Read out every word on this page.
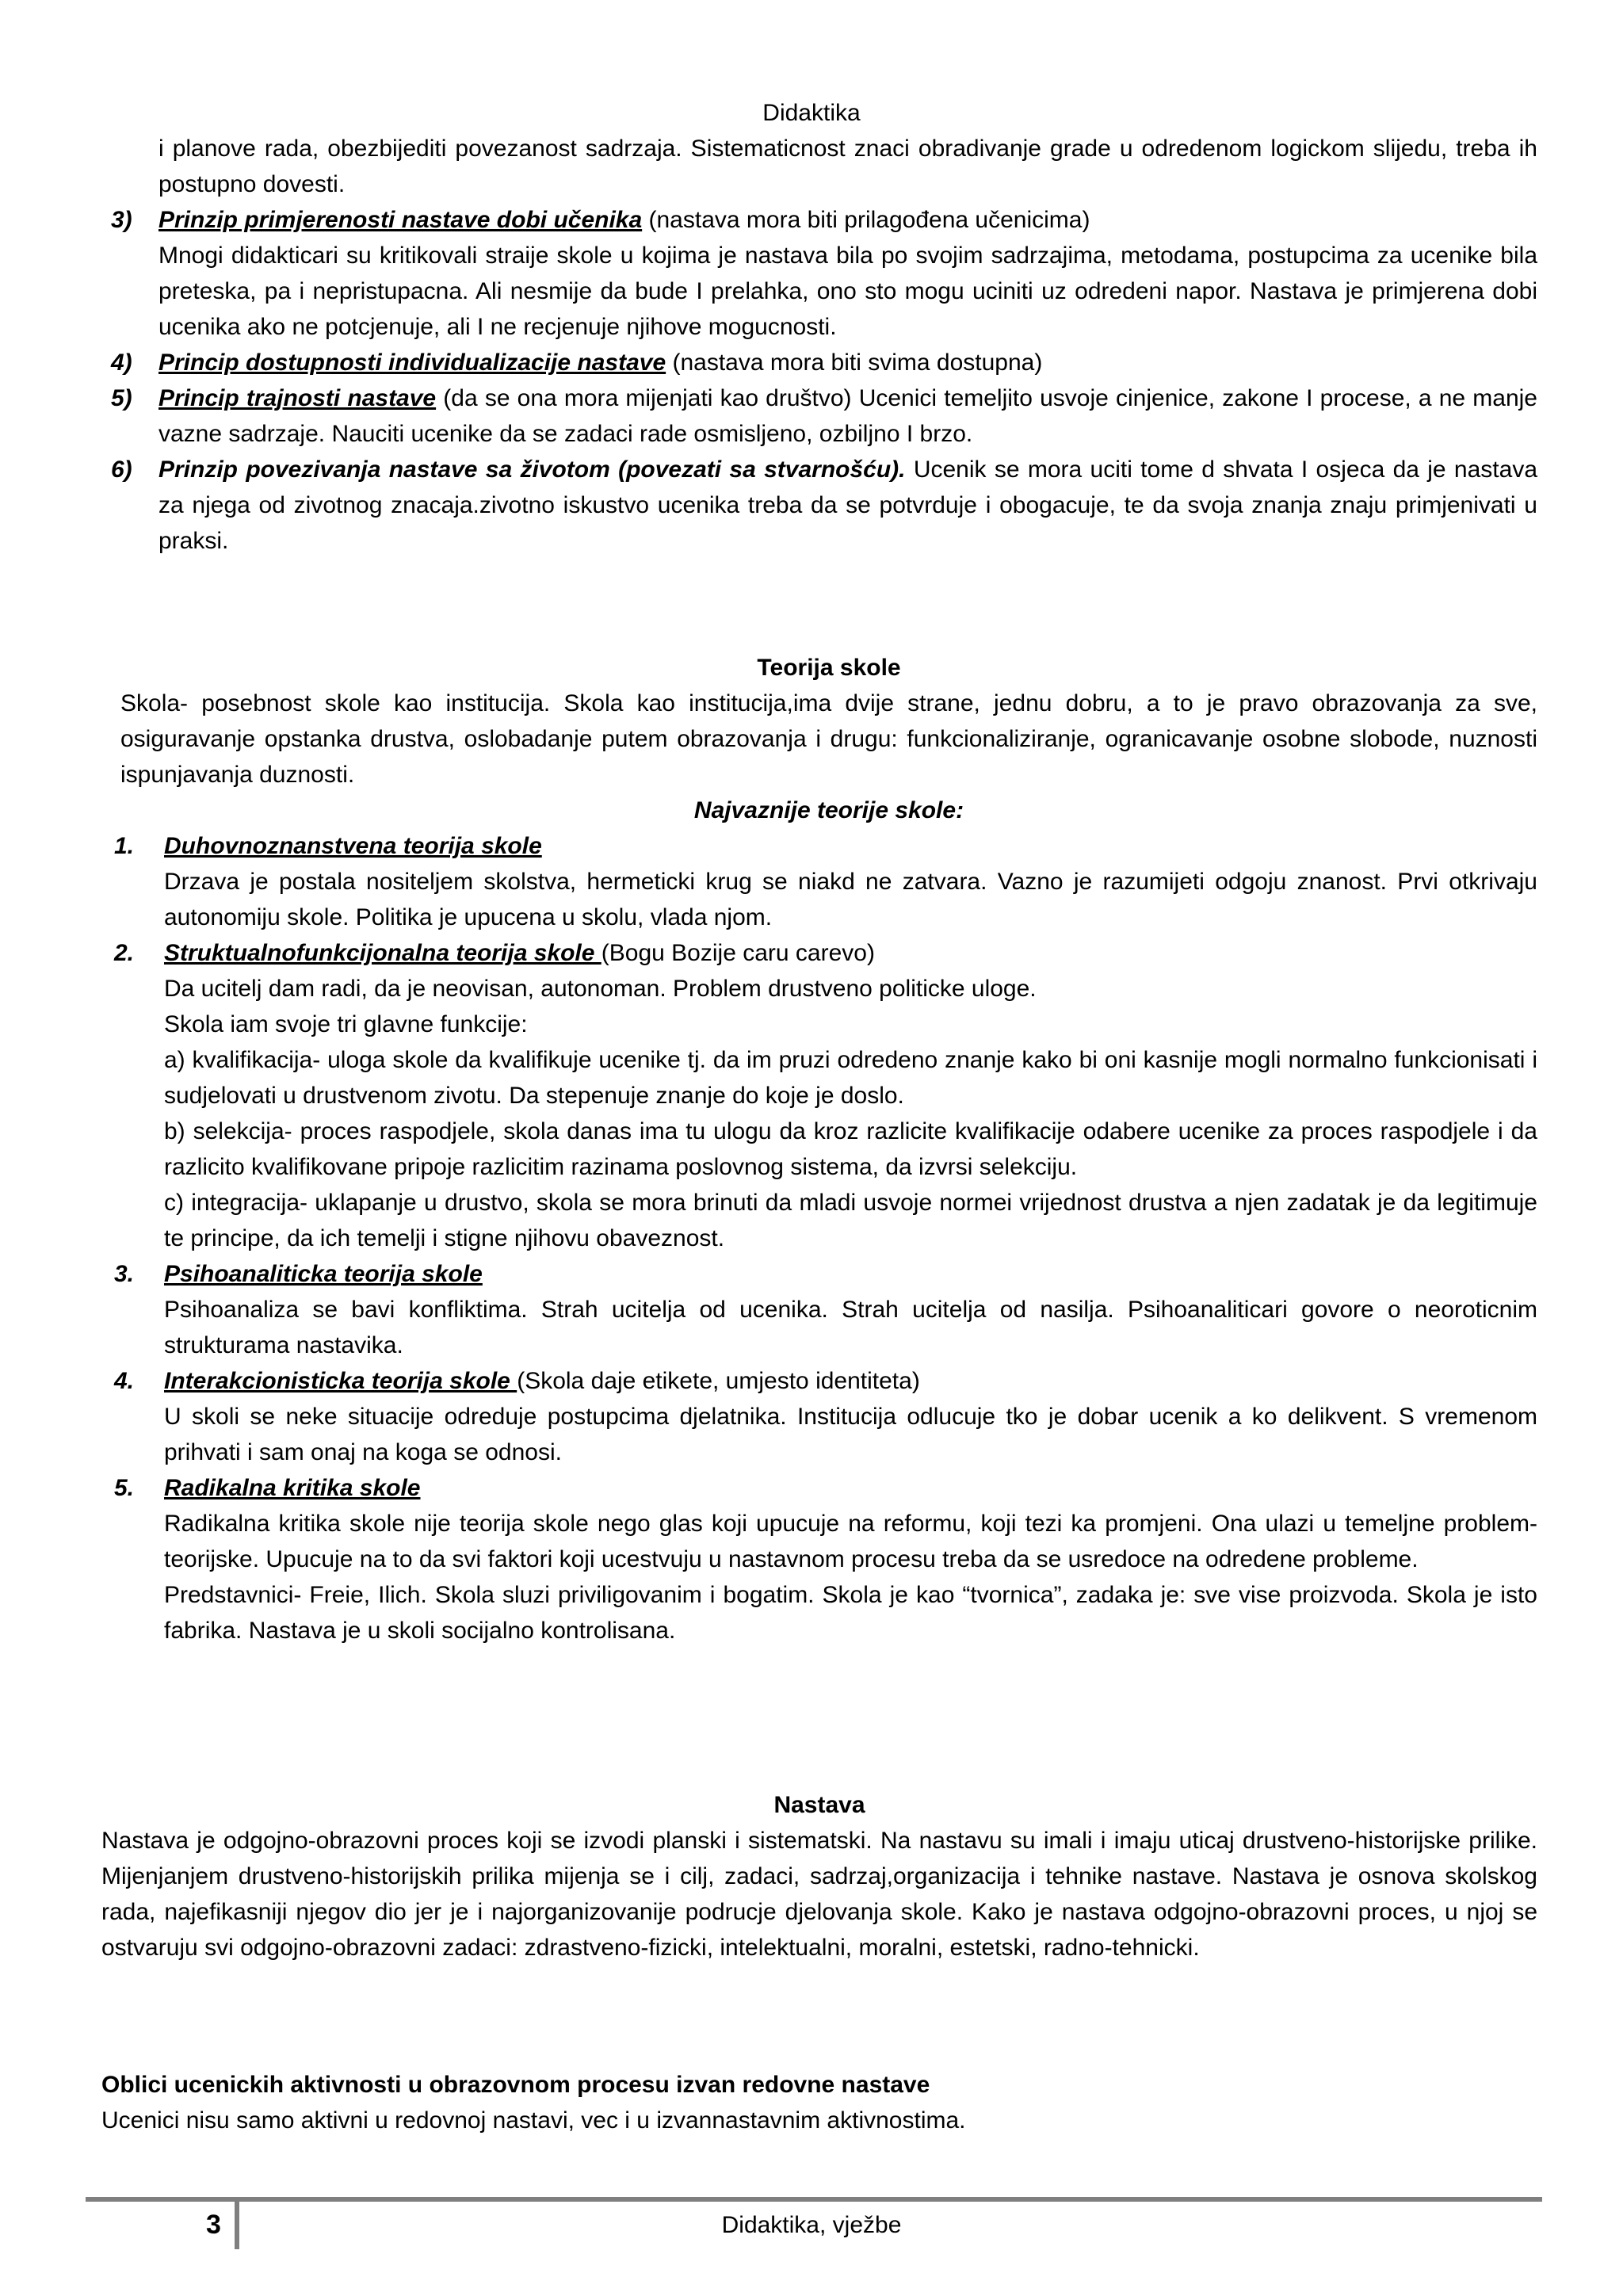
Didaktika

i planove rada, obezbijediti povezanost sadrzaja. Sistematicnost znaci obradivanje grade u odredenom logickom slijedu, treba ih postupno dovesti.

3) Prinzip primjerenosti nastave dobi učenika (nastava mora biti prilagođena učenicima)

Mnogi didakticari su kritikovali straije skole u kojima je nastava bila po svojim sadrzajima, metodama, postupcima za ucenike bila preteska, pa i nepristupacna. Ali nesmije da bude I prelahka, ono sto mogu uciniti uz odredeni napor. Nastava je primjerena dobi ucenika ako ne potcjenuje, ali I ne recjenuje njihove mogucnosti.

4) Princip dostupnosti individualizacije nastave (nastava mora biti svima dostupna)
5) Princip trajnosti nastave (da se ona mora mijenjati kao društvo) Ucenici temeljito usvoje cinjenice, zakone I procese, a ne manje vazne sadrzaje. Nauciti ucenike da se zadaci rade osmisljeno, ozbiljno I brzo.
6) Prinzip povezivanja nastave sa životom (povezati sa stvarnošću). Ucenik se mora uciti tome d shvata I osjeca da je nastava za njega od zivotnog znacaja.zivotno iskustvo ucenika treba da se potvrduje i obogacuje, te da svoja znanja znaju primjenivati u praksi.

Teorija skole

Skola- posebnost skole kao institucija. Skola kao institucija,ima dvije strane, jednu dobru, a to je pravo obrazovanja za sve, osiguravanje opstanka drustva, oslobadanje putem obrazovanja i drugu: funkcionaliziranje, ogranicavanje osobne slobode, nuznosti ispunjavanja duznosti.

Najvaznije teorije skole:

1. Duhovnoznanstvena teorija skole

Drzava je postala nositeljem skolstva, hermeticki krug se niakd ne zatvara. Vazno je razumijeti odgoju znanost. Prvi otkrivaju autonomiju skole. Politika je upucena u skolu, vlada njom.

2. Struktualnofunkcijonalna teorija skole (Bogu Bozije caru carevo)

Da ucitelj dam radi, da je neovisan, autonoman. Problem drustveno politicke uloge.

Skola iam svoje tri glavne funkcije:

a) kvalifikacija- uloga skole da kvalifikuje ucenike tj. da im pruzi odredeno znanje kako bi oni kasnije mogli normalno funkcionisati i sudjelovati u drustvenom zivotu. Da stepenuje znanje do koje je doslo.

b) selekcija- proces raspodjele, skola danas ima tu ulogu da kroz razlicite kvalifikacije odabere ucenike za proces raspodjele i da razlicito kvalifikovane pripoje razlicitim razinama poslovnog sistema, da izvrsi selekciju.

c) integracija- uklapanje u drustvo, skola se mora brinuti da mladi usvoje normei vrijednost drustva a njen zadatak je da legitimuje te principe, da ich temelji i stigne njihovu obaveznost.

3. Psihoanaliticka teorija skole

Psihoanaliza se bavi konfliktima. Strah ucitelja od ucenika. Strah ucitelja od nasilja. Psihoanaliticari govore o neoroticnim strukturama nastavika.

4. Interakcionisticka teorija skole (Skola daje etikete, umjesto identiteta)

U skoli se neke situacije odreduje postupcima djelatnika. Institucija odlucuje tko je dobar ucenik a ko delikvent. S vremenom prihvati i sam onaj na koga se odnosi.

5. Radikalna kritika skole

Radikalna kritika skole nije teorija skole nego glas koji upucuje na reformu, koji tezi ka promjeni. Ona ulazi u temeljne problem-teorijske. Upucuje na to da svi faktori koji ucestvuju u nastavnom procesu treba da se usredoce na odredene probleme.

Predstavnici- Freie, Ilich. Skola sluzi priviligovanim i bogatim. Skola je kao “tvornica”, zadaka je: sve vise proizvoda. Skola je isto fabrika. Nastava je u skoli socijalno kontrolisana.

Nastava

Nastava je odgojno-obrazovni proces koji se izvodi planski i sistematski. Na nastavu su imali i imaju uticaj drustveno-historijske prilike. Mijenjanjem drustveno-historijskih prilika mijenja se i cilj, zadaci, sadrzaj,organizacija i tehnike nastave. Nastava je osnova skolskog rada, najefikasniji njegov dio jer je i najorganizovanije podrucje djelovanja skole. Kako je nastava odgojno-obrazovni proces, u njoj se ostvaruju svi odgojno-obrazovni zadaci: zdrastveno-fizicki, intelektualni, moralni, estetski, radno-tehnicki.

Oblici ucenickih aktivnosti u obrazovnom procesu izvan redovne nastave

Ucenici nisu samo aktivni u redovnoj nastavi, vec i u izvannastavnim aktivnostima.

3	Didaktika, vježbe
